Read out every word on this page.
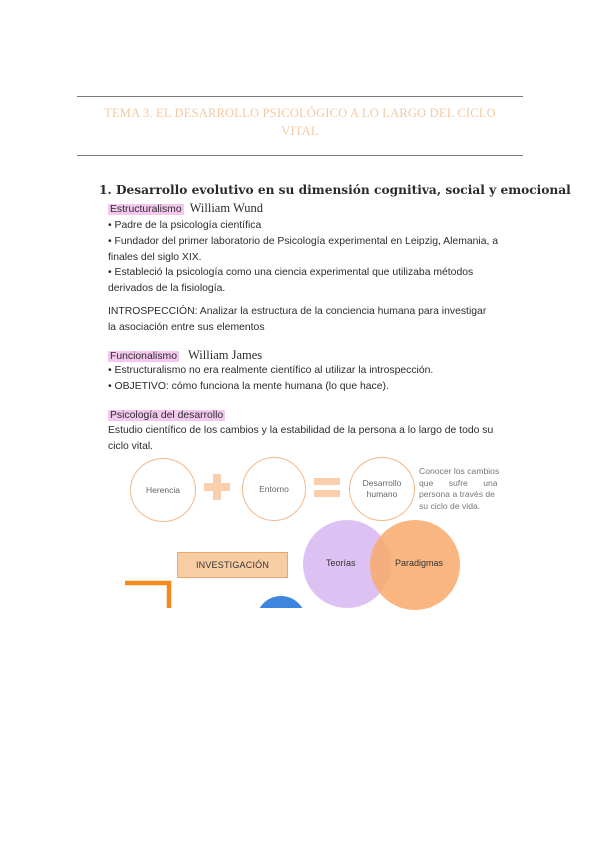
TEMA 3. EL DESARROLLO PSICOLÓGICO A LO LARGO DEL CICLO
VITAL
1. Desarrollo evolutivo en su dimensión cognitiva, social y emocional
Estructuralismo William Wund
• Padre de la psicología científica
• Fundador del primer laboratorio de Psicología experimental en Leipzig, Alemania, a
finales del siglo XIX.
• Estableció la psicología como una ciencia experimental que utilizaba métodos
derivados de la fisiología.
INTROSPECCIÓN: Analizar la estructura de la conciencia humana para investigar
la asociación entre sus elementos
Funcionalismo William James
• Estructuralismo no era realmente científico al utilizar la introspección.
• OBJETIVO: cómo funciona la mente humana (lo que hace).
Psicología del desarrollo
Estudio científico de los cambios y la estabilidad de la persona a lo largo de todo su
ciclo vital.
Herencia	Entorno
Desarrollo
humano
Conocer los cambios
que sufre una
persona a través de
su ciclo de vida.
INVESTIGACIÓN	Teorías	Paradigmas
